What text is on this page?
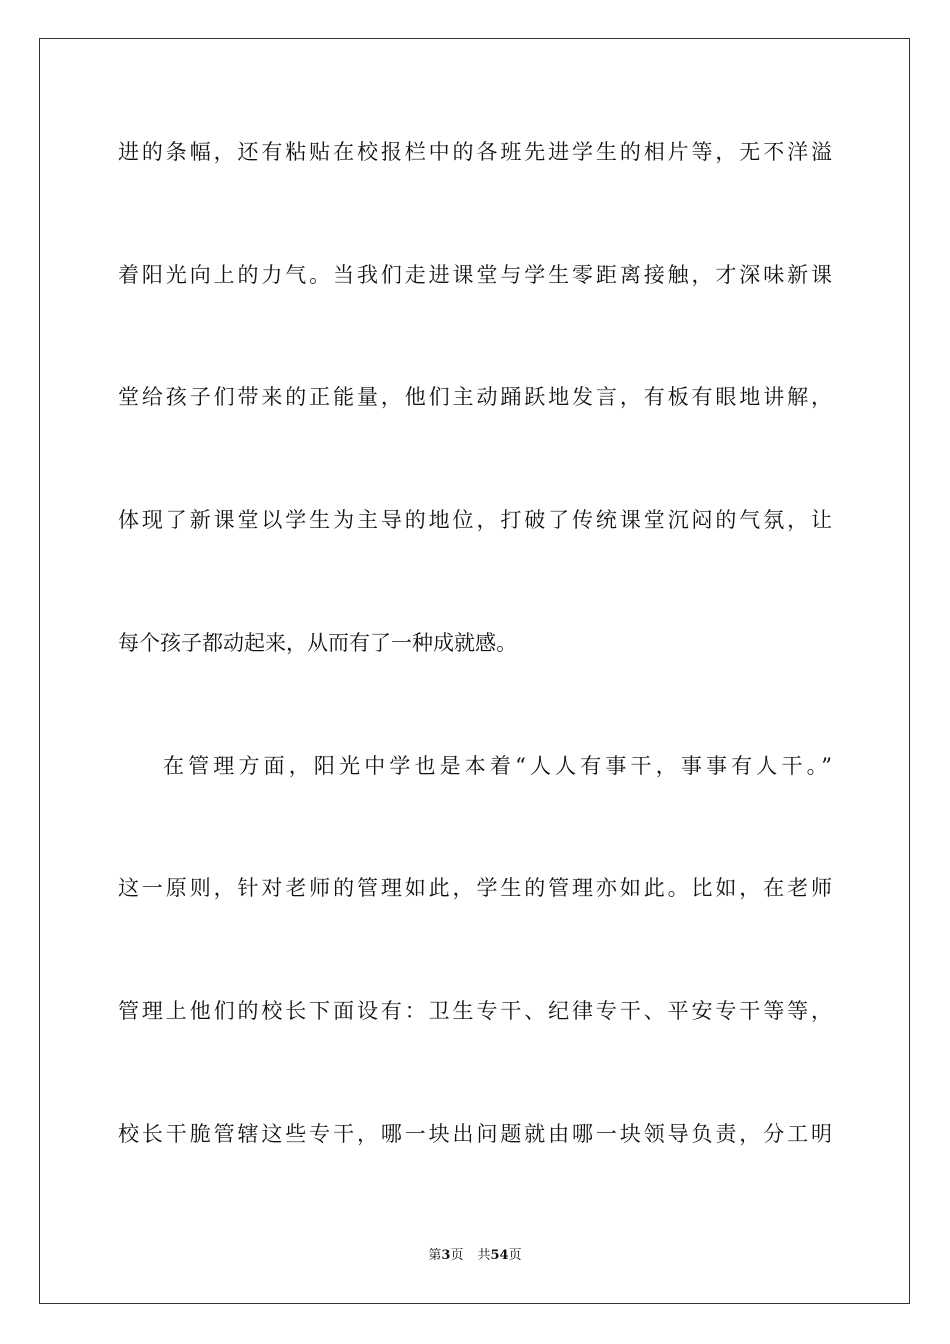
进的条幅，还有粘贴在校报栏中的各班先进学生的相片等，无不洋溢
着阳光向上的力气。当我们走进课堂与学生零距离接触，才深味新课
堂给孩子们带来的正能量，他们主动踊跃地发言，有板有眼地讲解，
体现了新课堂以学生为主导的地位，打破了传统课堂沉闷的气氛，让
每个孩子都动起来，从而有了一种成就感。
在管理方面，阳光中学也是本着“人人有事干，事事有人干。”
这一原则，针对老师的管理如此，学生的管理亦如此。比如，在老师
管理上他们的校长下面设有：卫生专干、纪律专干、平安专干等等，
校长干脆管辖这些专干，哪一块出问题就由哪一块领导负责，分工明
第3页 共54页
